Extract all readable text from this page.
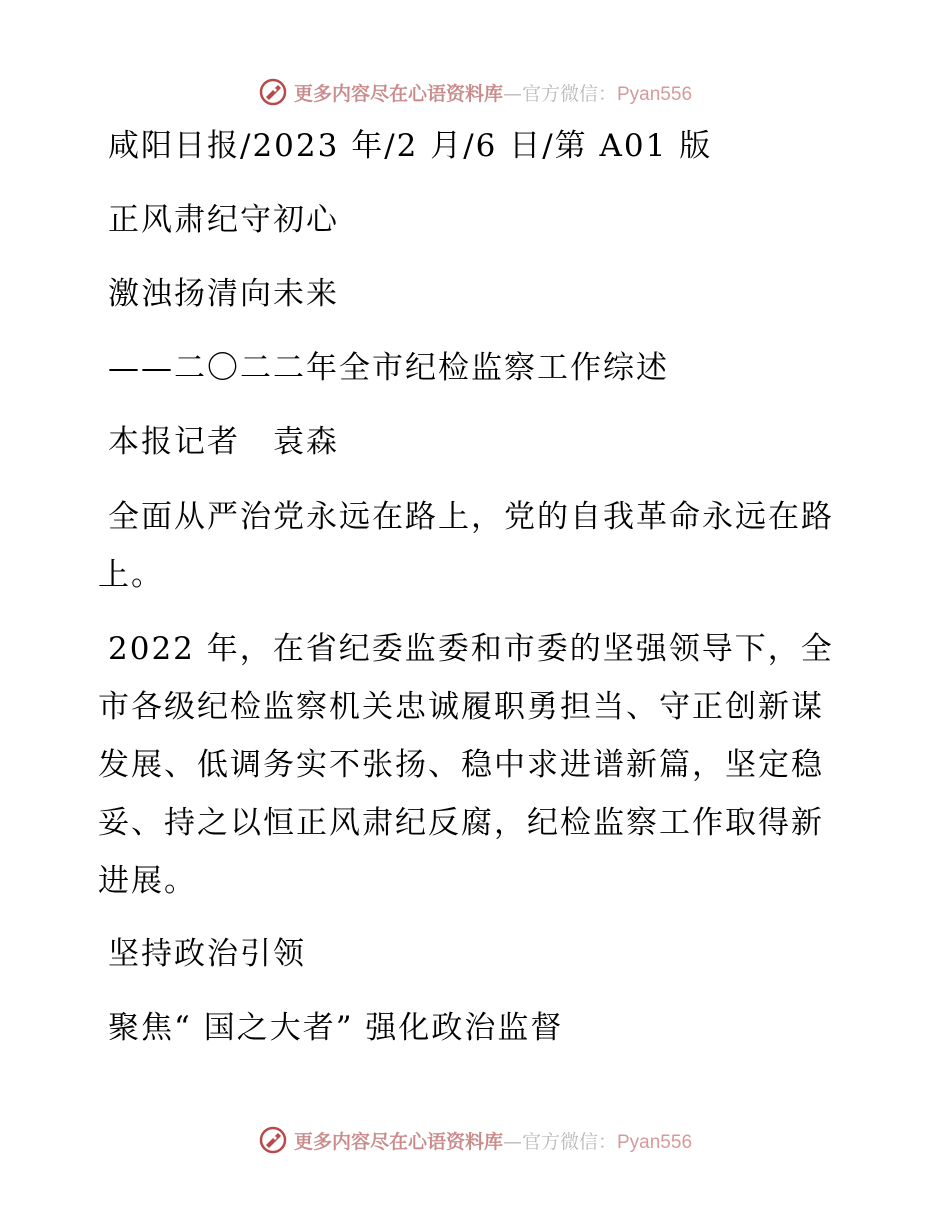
更多内容尽在心语资料库—官方微信：Pyan556
咸阳日报/2023 年/2 月/6 日/第 A01 版
正风肃纪守初心
激浊扬清向未来
——二〇二二年全市纪检监察工作综述
本报记者　袁森
全面从严治党永远在路上，党的自我革命永远在路上。
2022 年，在省纪委监委和市委的坚强领导下，全市各级纪检监察机关忠诚履职勇担当、守正创新谋发展、低调务实不张扬、稳中求进谱新篇，坚定稳妥、持之以恒正风肃纪反腐，纪检监察工作取得新进展。
坚持政治引领
聚焦“ 国之大者” 强化政治监督
更多内容尽在心语资料库—官方微信：Pyan556
